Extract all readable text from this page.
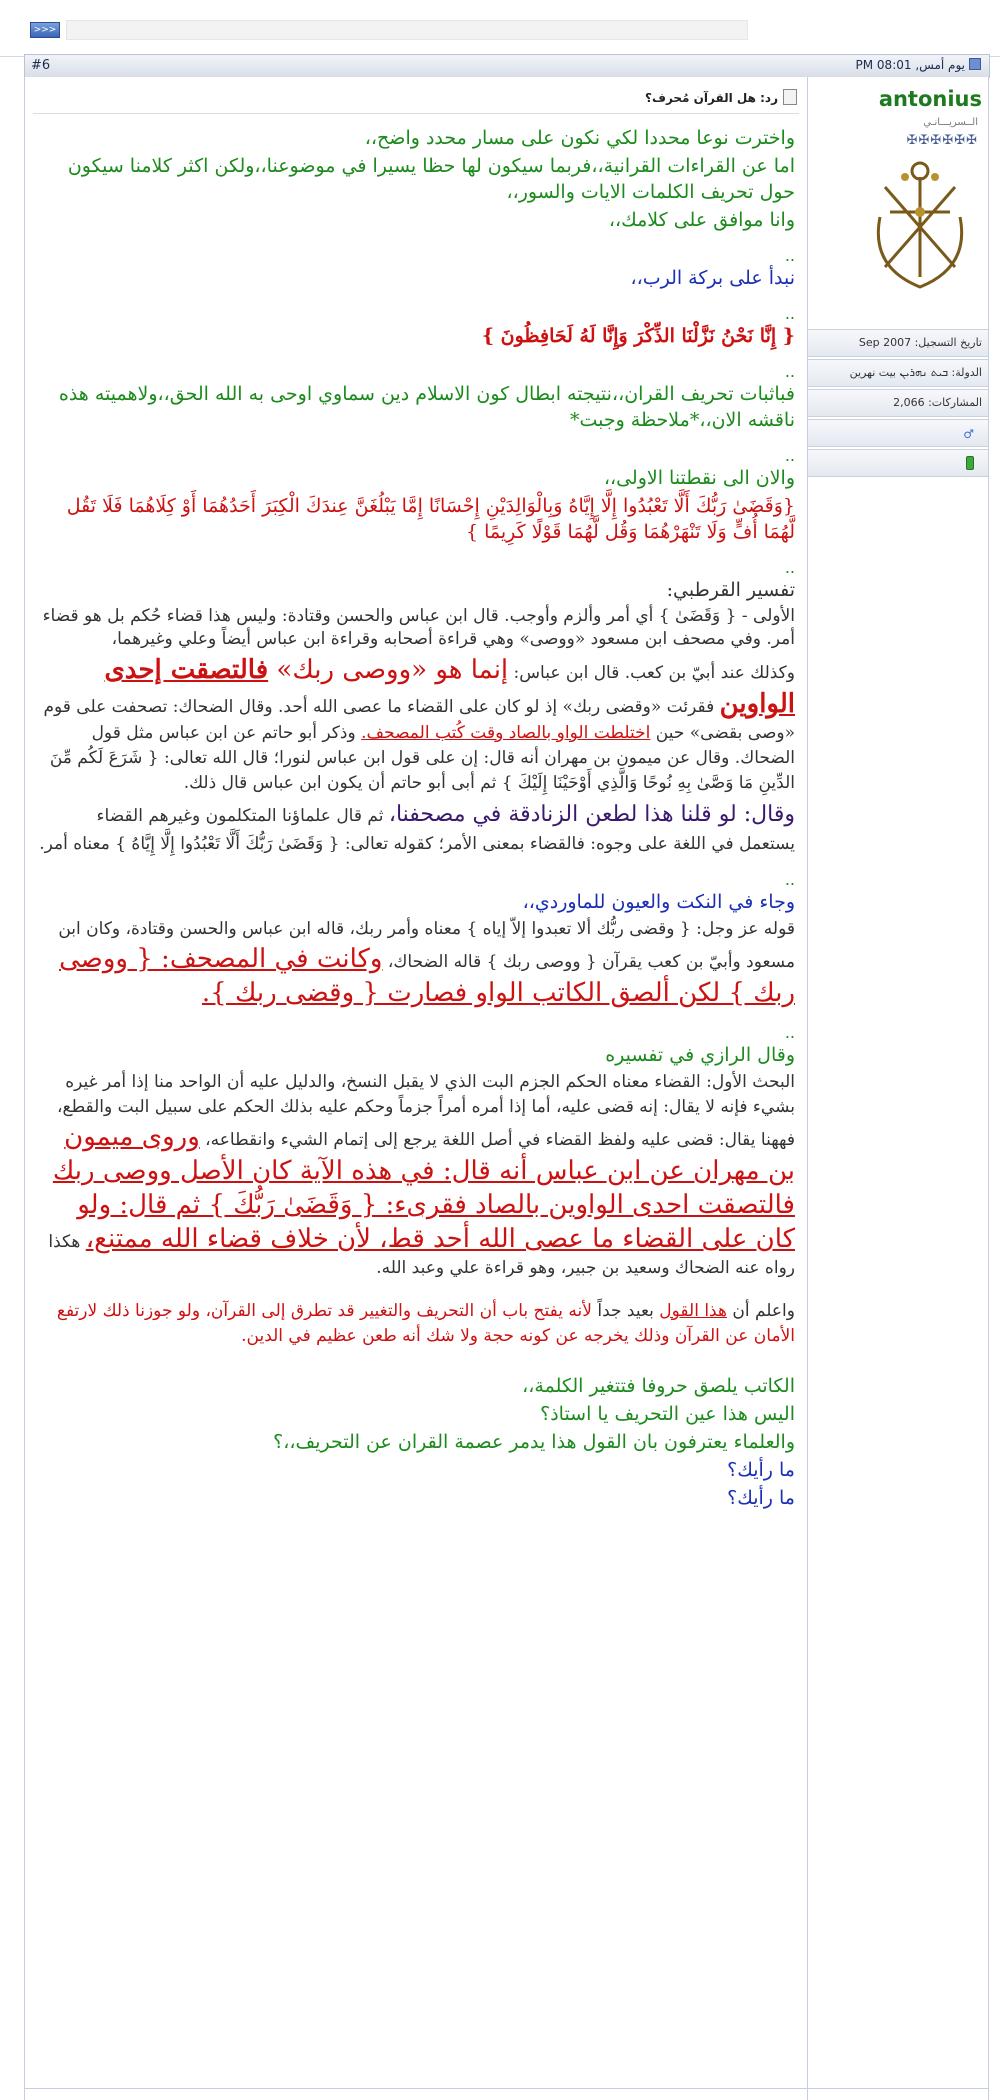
>>>
#6	يوم أمس, 08:01 PM
antonius
الــسريـــانـي
✠✠✠✠✠✠
تاريخ التسجيل: Sep 2007
الدولة: ܒܝܬ ܢܗܪܝܢ بيت نهرين
المشاركات: 2,066
♂
رد: هل القرآن مُحرف؟

واخترت نوعا محددا لكي نكون على مسار محدد واضح،،

اما عن القراءات القرانية،،فربما سيكون لها حظا يسيرا في موضوعنا،،ولكن اكثر كلامنا سيكون حول تحريف الكلمات الايات والسور،،

وانا موافق على كلامك،،

..

نبدأ على بركة الرب،،

..

{ إِنَّا نَحْنُ نَزَّلْنَا الذِّكْرَ وَإِنَّا لَهُ لَحَافِظُونَ }

..

فباثبات تحريف القران،،نتيجته ابطال كون الاسلام دين سماوي اوحى به الله الحق،،ولاهميته هذه ناقشه الان،،*ملاحظة وجبت*

..

والان الى نقطتنا الاولى،،

{وَقَضَىٰ رَبُّكَ أَلَّا تَعْبُدُوا إِلَّا إِيَّاهُ وَبِالْوَالِدَيْنِ إِحْسَانًا إِمَّا يَبْلُغَنَّ عِندَكَ الْكِبَرَ أَحَدُهُمَا أَوْ كِلَاهُمَا فَلَا تَقُل لَّهُمَا أُفٍّ وَلَا تَنْهَرْهُمَا وَقُل لَّهُمَا قَوْلًا كَرِيمًا }

..

تفسير القرطبي:

الأولى - { وَقَضَىٰ } أي أمر وألزم وأوجب. قال ابن عباس والحسن وقتادة: وليس هذا قضاء حُكم بل هو قضاء أمر. وفي مصحف ابن مسعود «ووصى» وهي قراءة أصحابه وقراءة ابن عباس أيضاً وعلي وغيرهما،

وكذلك عند أبيّ بن كعب. قال ابن عباس: إنما هو «ووصى ربك» فالتصقت إحدى الواوين فقرئت «وقضى ربك» إذ لو كان على القضاء ما عصى الله أحد. وقال الضحاك: تصحفت على قوم «وصى بقضى» حين اختلطت الواو بالصاد وقت كُتب المصحف. وذكر أبو حاتم عن ابن عباس مثل قول الضحاك. وقال عن ميمون بن مهران أنه قال: إن على قول ابن عباس لنورا؛ قال الله تعالى: { شَرَعَ لَكُم مِّنَ الدِّينِ مَا وَصَّىٰ بِهِ نُوحًا وَالَّذِي أَوْحَيْنَا إِلَيْكَ } ثم أبى أبو حاتم أن يكون ابن عباس قال ذلك.

وقال: لو قلنا هذا لطعن الزنادقة في مصحفنا، ثم قال علماؤنا المتكلمون وغيرهم القضاء يستعمل في اللغة على وجوه: فالقضاء بمعنى الأمر؛ كقوله تعالى: { وَقَضَىٰ رَبُّكَ أَلَّا تَعْبُدُوا إِلَّا إِيَّاهُ } معناه أمر.

..

وجاء في النكت والعيون للماوردي،،

قوله عز وجل: { وقضى ربُّك ألا تعبدوا إلاّ إياه } معناه وأمر ربك، قاله ابن عباس والحسن وقتادة، وكان ابن مسعود وأبيّ بن كعب يقرآن { ووصى ربك } قاله الضحاك، وكانت في المصحف: { ووصى ربك } لكن ألصق الكاتب الواو فصارت { وقضى ربك }.

..

وقال الرازي في تفسيره

البحث الأول: القضاء معناه الحكم الجزم البت الذي لا يقبل النسخ، والدليل عليه أن الواحد منا إذا أمر غيره بشيء فإنه لا يقال: إنه قضى عليه، أما إذا أمره أمراً جزماً وحكم عليه بذلك الحكم على سبيل البت والقطع، فههنا يقال: قضى عليه ولفظ القضاء في أصل اللغة يرجع إلى إتمام الشيء وانقطاعه، وروى ميمون بن مهران عن ابن عباس أنه قال: في هذه الآية كان الأصل ووصى ربك فالتصقت احدى الواوين بالصاد فقرىء: { وَقَضَىٰ رَبُّكَ } ثم قال: ولو كان على القضاء ما عصى الله أحد قط، لأن خلاف قضاء الله ممتنع، هكذا رواه عنه الضحاك وسعيد بن جبير، وهو قراءة علي وعبد الله.

واعلم أن هذا القول بعيد جداً لأنه يفتح باب أن التحريف والتغيير قد تطرق إلى القرآن، ولو جوزنا ذلك لارتفع الأمان عن القرآن وذلك يخرجه عن كونه حجة ولا شك أنه طعن عظيم في الدين.

الكاتب يلصق حروفا فتتغير الكلمة،،

اليس هذا عين التحريف يا استاذ؟

والعلماء يعترفون بان القول هذا يدمر عصمة القران عن التحريف،،؟

ما رأيك؟

ما رأيك؟
